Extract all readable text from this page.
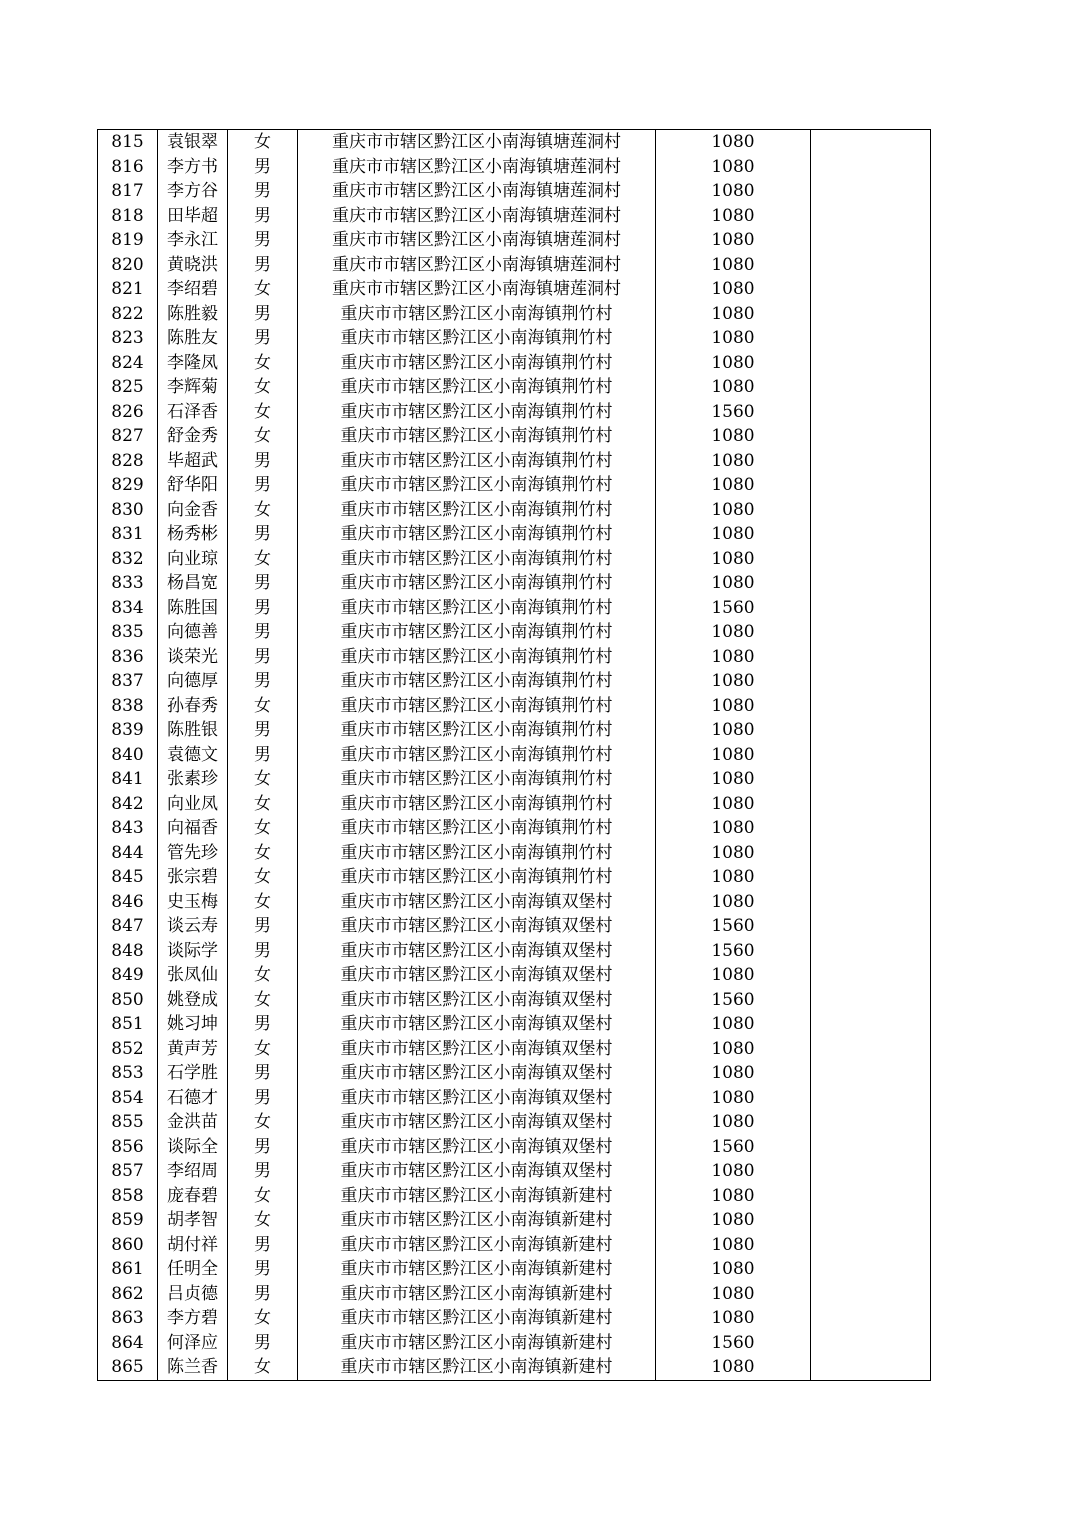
815	袁银翠	女	重庆市市辖区黔江区小南海镇塘莲洞村	1080	
816	李方书	男	重庆市市辖区黔江区小南海镇塘莲洞村	1080	
817	李方谷	男	重庆市市辖区黔江区小南海镇塘莲洞村	1080	
818	田毕超	男	重庆市市辖区黔江区小南海镇塘莲洞村	1080	
819	李永江	男	重庆市市辖区黔江区小南海镇塘莲洞村	1080	
820	黄晓洪	男	重庆市市辖区黔江区小南海镇塘莲洞村	1080	
821	李绍碧	女	重庆市市辖区黔江区小南海镇塘莲洞村	1080	
822	陈胜毅	男	重庆市市辖区黔江区小南海镇荆竹村	1080	
823	陈胜友	男	重庆市市辖区黔江区小南海镇荆竹村	1080	
824	李隆凤	女	重庆市市辖区黔江区小南海镇荆竹村	1080	
825	李辉菊	女	重庆市市辖区黔江区小南海镇荆竹村	1080	
826	石泽香	女	重庆市市辖区黔江区小南海镇荆竹村	1560	
827	舒金秀	女	重庆市市辖区黔江区小南海镇荆竹村	1080	
828	毕超武	男	重庆市市辖区黔江区小南海镇荆竹村	1080	
829	舒华阳	男	重庆市市辖区黔江区小南海镇荆竹村	1080	
830	向金香	女	重庆市市辖区黔江区小南海镇荆竹村	1080	
831	杨秀彬	男	重庆市市辖区黔江区小南海镇荆竹村	1080	
832	向业琼	女	重庆市市辖区黔江区小南海镇荆竹村	1080	
833	杨昌宽	男	重庆市市辖区黔江区小南海镇荆竹村	1080	
834	陈胜国	男	重庆市市辖区黔江区小南海镇荆竹村	1560	
835	向德善	男	重庆市市辖区黔江区小南海镇荆竹村	1080	
836	谈荣光	男	重庆市市辖区黔江区小南海镇荆竹村	1080	
837	向德厚	男	重庆市市辖区黔江区小南海镇荆竹村	1080	
838	孙春秀	女	重庆市市辖区黔江区小南海镇荆竹村	1080	
839	陈胜银	男	重庆市市辖区黔江区小南海镇荆竹村	1080	
840	袁德文	男	重庆市市辖区黔江区小南海镇荆竹村	1080	
841	张素珍	女	重庆市市辖区黔江区小南海镇荆竹村	1080	
842	向业凤	女	重庆市市辖区黔江区小南海镇荆竹村	1080	
843	向福香	女	重庆市市辖区黔江区小南海镇荆竹村	1080	
844	管先珍	女	重庆市市辖区黔江区小南海镇荆竹村	1080	
845	张宗碧	女	重庆市市辖区黔江区小南海镇荆竹村	1080	
846	史玉梅	女	重庆市市辖区黔江区小南海镇双堡村	1080	
847	谈云寿	男	重庆市市辖区黔江区小南海镇双堡村	1560	
848	谈际学	男	重庆市市辖区黔江区小南海镇双堡村	1560	
849	张凤仙	女	重庆市市辖区黔江区小南海镇双堡村	1080	
850	姚登成	女	重庆市市辖区黔江区小南海镇双堡村	1560	
851	姚习坤	男	重庆市市辖区黔江区小南海镇双堡村	1080	
852	黄声芳	女	重庆市市辖区黔江区小南海镇双堡村	1080	
853	石学胜	男	重庆市市辖区黔江区小南海镇双堡村	1080	
854	石德才	男	重庆市市辖区黔江区小南海镇双堡村	1080	
855	金洪苗	女	重庆市市辖区黔江区小南海镇双堡村	1080	
856	谈际全	男	重庆市市辖区黔江区小南海镇双堡村	1560	
857	李绍周	男	重庆市市辖区黔江区小南海镇双堡村	1080	
858	庞春碧	女	重庆市市辖区黔江区小南海镇新建村	1080	
859	胡孝智	女	重庆市市辖区黔江区小南海镇新建村	1080	
860	胡付祥	男	重庆市市辖区黔江区小南海镇新建村	1080	
861	任明全	男	重庆市市辖区黔江区小南海镇新建村	1080	
862	吕贞德	男	重庆市市辖区黔江区小南海镇新建村	1080	
863	李方碧	女	重庆市市辖区黔江区小南海镇新建村	1080	
864	何泽应	男	重庆市市辖区黔江区小南海镇新建村	1560	
865	陈兰香	女	重庆市市辖区黔江区小南海镇新建村	1080	
